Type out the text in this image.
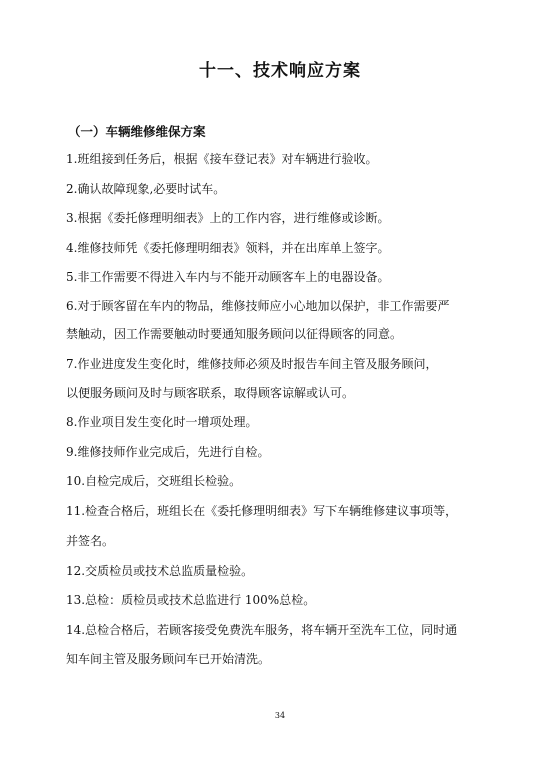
十一、技术响应方案
（一）车辆维修维保方案
1.班组接到任务后，根据《接车登记表》对车辆进行验收。
2.确认故障现象,必要时试车。
3.根据《委托修理明细表》上的工作内容，进行维修或诊断。
4.维修技师凭《委托修理明细表》领料，并在出库单上签字。
5.非工作需要不得进入车内与不能开动顾客车上的电器设备。
6.对于顾客留在车内的物品，维修技师应小心地加以保护，非工作需要严
禁触动，因工作需要触动时要通知服务顾问以征得顾客的同意。
7.作业进度发生变化时，维修技师必须及时报告车间主管及服务顾问，
以便服务顾问及时与顾客联系，取得顾客谅解或认可。
8.作业项目发生变化时一增项处理。
9.维修技师作业完成后，先进行自检。
10.自检完成后，交班组长检验。
11.检查合格后，班组长在《委托修理明细表》写下车辆维修建议事项等，
并签名。
12.交质检员或技术总监质量检验。
13.总检：质检员或技术总监进行 100%总检。
14.总检合格后，若顾客接受免费洗车服务，将车辆开至洗车工位，同时通
知车间主管及服务顾问车已开始清洗。
34
